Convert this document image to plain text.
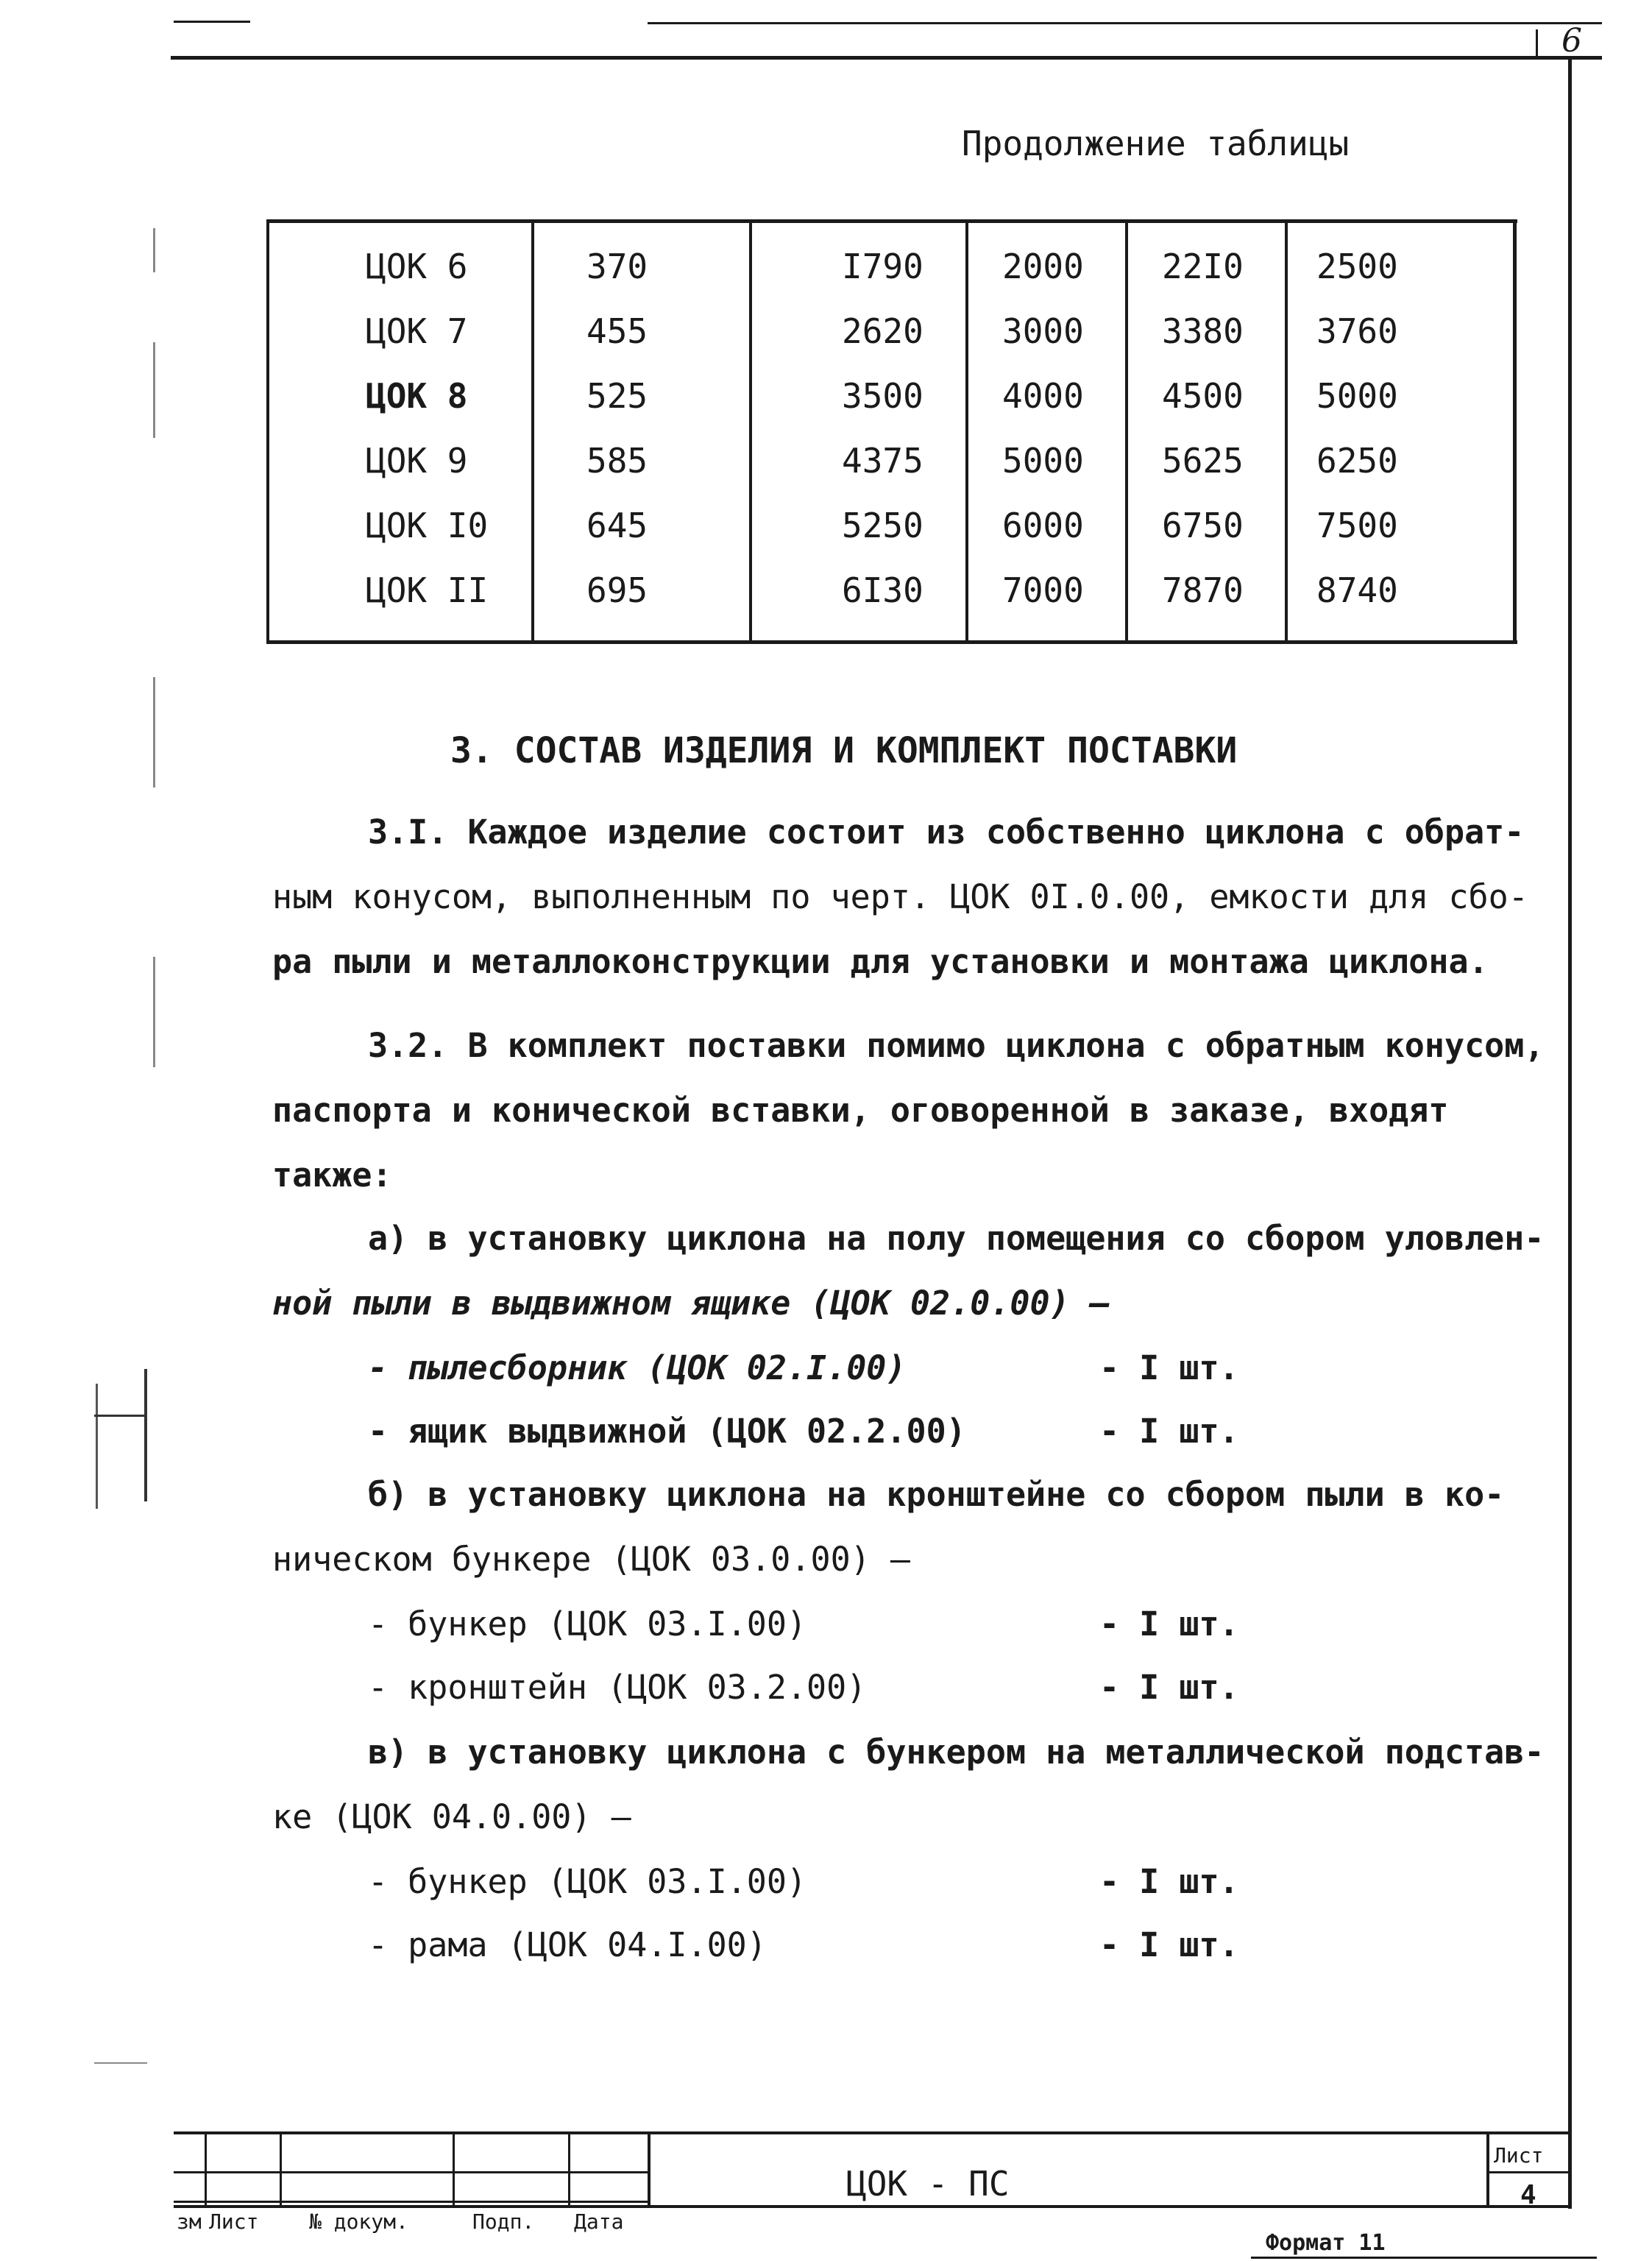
6
Продолжение таблицы
ЦОК 6	370	I790 2000 22I0 2500
ЦОК 7	455	2620 3000 3380 3760
ЦОК 8	525	3500 4000 4500 5000
ЦОК 9	585	4375 5000 5625 6250
ЦОК I0	645	5250 6000 6750 7500
ЦОК II	695	6I30 7000 7870 8740
3. СОСТАВ ИЗДЕЛИЯ И КОМПЛЕКТ ПОСТАВКИ
3.I. Каждое изделие состоит из собственно циклона с обрат-
ным конусом, выполненным по черт. ЦОК 0I.0.00, емкости для сбо-
ра пыли и металлоконструкции для установки и монтажа циклона.
3.2. В комплект поставки помимо циклона с обратным конусом,
паспорта и конической вставки, оговоренной в заказе, входят
также:
а) в установку циклона на полу помещения со сбором уловлен-
ной пыли в выдвижном ящике (ЦОК 02.0.00) —
- пылесборник (ЦОК 02.I.00)	- I шт.
- ящик выдвижной (ЦОК 02.2.00)	- I шт.
б) в установку циклона на кронштейне со сбором пыли в ко-
ническом бункере (ЦОК 03.0.00) —
- бункер (ЦОК 03.I.00)	- I шт.
- кронштейн (ЦОК 03.2.00)	- I шт.
в) в установку циклона с бункером на металлической подстав-
ке (ЦОК 04.0.00) —
- бункер (ЦОК 03.I.00)	- I шт.
- рама (ЦОК 04.I.00)	- I шт.
зм Лист № докум.	Подп. Дата
ЦОК - ПС
Лист
4
Формат 11
